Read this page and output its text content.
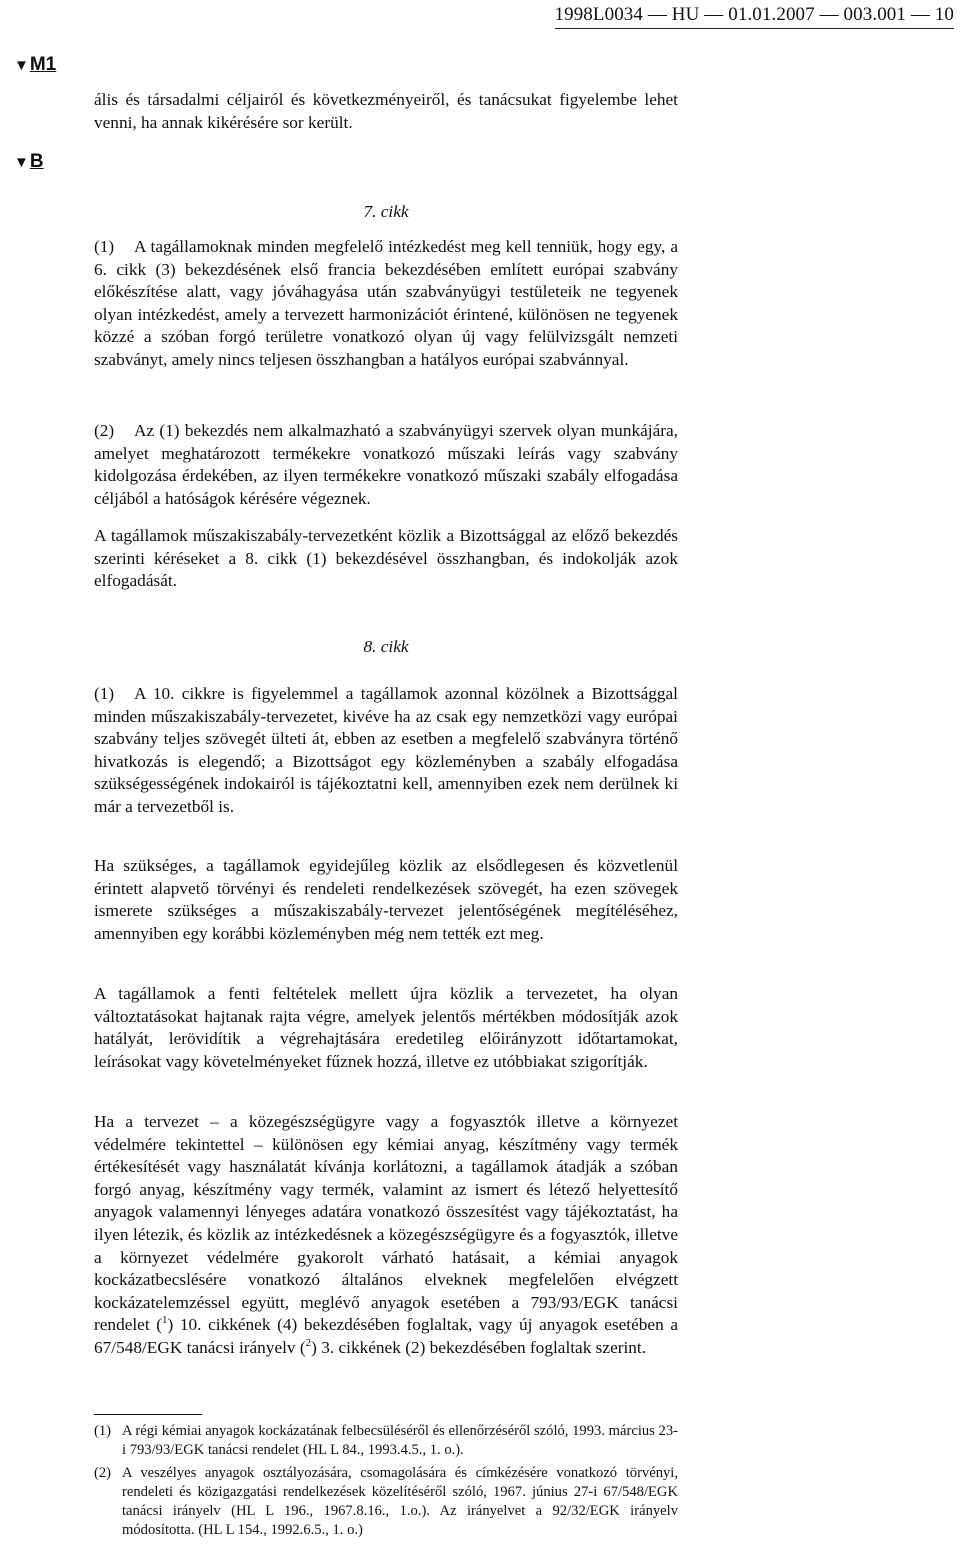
1998L0034 — HU — 01.01.2007 — 003.001 — 10
▼M1

ális és társadalmi céljairól és következményeiről, és tanácsukat figyelembe lehet venni, ha annak kikérésére sor került.

▼B
7. cikk

(1) A tagállamoknak minden megfelelő intézkedést meg kell tenniük, hogy egy, a 6. cikk (3) bekezdésének első francia bekezdésében említett európai szabvány előkészítése alatt, vagy jóváhagyása után szabványügyi testületeik ne tegyenek olyan intézkedést, amely a tervezett harmonizációt érintené, különösen ne tegyenek közzé a szóban forgó területre vonatkozó olyan új vagy felülvizsgált nemzeti szabványt, amely nincs teljesen összhangban a hatályos európai szabvánnyal.

(2) Az (1) bekezdés nem alkalmazható a szabványügyi szervek olyan munkájára, amelyet meghatározott termékekre vonatkozó műszaki leírás vagy szabvány kidolgozása érdekében, az ilyen termékekre vonatkozó műszaki szabály elfogadása céljából a hatóságok kérésére végeznek.

A tagállamok műszakiszabály-tervezetként közlik a Bizottsággal az előző bekezdés szerinti kéréseket a 8. cikk (1) bekezdésével összhangban, és indokolják azok elfogadását.

8. cikk

(1) A 10. cikkre is figyelemmel a tagállamok azonnal közölnek a Bizottsággal minden műszakiszabály-tervezetet, kivéve ha az csak egy nemzetközi vagy európai szabvány teljes szövegét ülteti át, ebben az esetben a megfelelő szabványra történő hivatkozás is elegendő; a Bizottságot egy közleményben a szabály elfogadása szükségességének indokairól is tájékoztatni kell, amennyiben ezek nem derülnek ki már a tervezetből is.

Ha szükséges, a tagállamok egyidejűleg közlik az elsődlegesen és közvetlenül érintett alapvető törvényi és rendeleti rendelkezések szövegét, ha ezen szövegek ismerete szükséges a műszakiszabály-tervezet jelentőségének megítéléséhez, amennyiben egy korábbi közleményben még nem tették ezt meg.

A tagállamok a fenti feltételek mellett újra közlik a tervezetet, ha olyan változtatásokat hajtanak rajta végre, amelyek jelentős mértékben módosítják azok hatályát, lerövidítik a végrehajtására eredetileg előirányzott időtartamokat, leírásokat vagy követelményeket fűznek hozzá, illetve ez utóbbiakat szigorítják.

Ha a tervezet – a közegészségügyre vagy a fogyasztók illetve a környezet védelmére tekintettel – különösen egy kémiai anyag, készítmény vagy termék értékesítését vagy használatát kívánja korlátozni, a tagállamok átadják a szóban forgó anyag, készítmény vagy termék, valamint az ismert és létező helyettesítő anyagok valamennyi lényeges adatára vonatkozó összesítést vagy tájékoztatást, ha ilyen létezik, és közlik az intézkedésnek a közegészségügyre és a fogyasztók, illetve a környezet védelmére gyakorolt várható hatásait, a kémiai anyagok kockázatbecslésére vonatkozó általános elveknek megfelelően elvégzett kockázatelemzéssel együtt, meglévő anyagok esetében a 793/93/EGK tanácsi rendelet ($^1$) 10. cikkének (4) bekezdésében foglaltak, vagy új anyagok esetében a 67/548/EGK tanácsi irányelv ($^2$) 3. cikkének (2) bekezdésében foglaltak szerint.

(1) A régi kémiai anyagok kockázatának felbecsüléséről és ellenőrzéséről szóló, 1993. március 23-i 793/93/EGK tanácsi rendelet (HL L 84., 1993.4.5., 1. o.).
(2) A veszélyes anyagok osztályozására, csomagolására és címkézésére vonatkozó törvényi, rendeleti és közigazgatási rendelkezések közelítéséről szóló, 1967. június 27-i 67/548/EGK tanácsi irányelv (HL L 196., 1967.8.16., 1.o.). Az irányelvet a 92/32/EGK irányelv módosította. (HL L 154., 1992.6.5., 1. o.)
